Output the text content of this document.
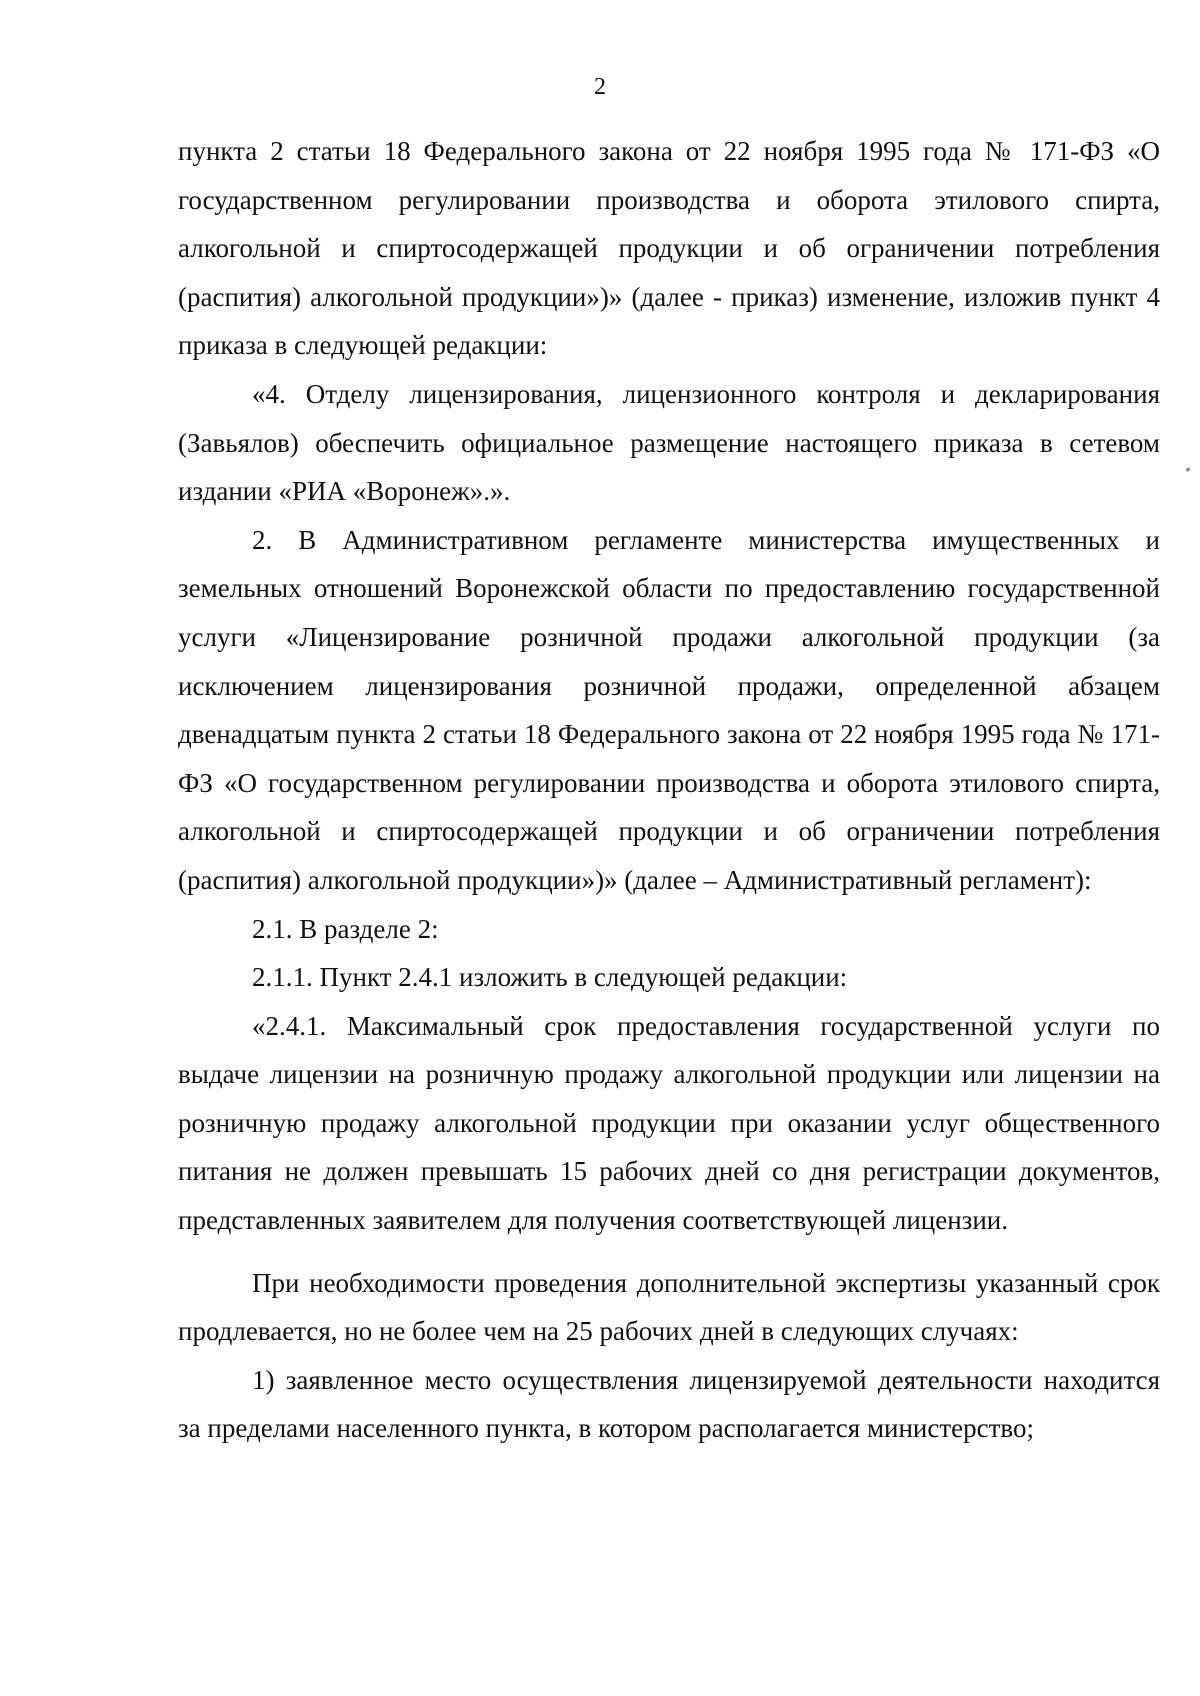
2

пункта 2 статьи 18 Федерального закона от 22 ноября 1995 года № 171-ФЗ «О государственном регулировании производства и оборота этилового спирта, алкогольной и спиртосодержащей продукции и об ограничении потребления (распития) алкогольной продукции»)» (далее - приказ) изменение, изложив пункт 4 приказа в следующей редакции:

«4. Отделу лицензирования, лицензионного контроля и декларирования (Завьялов) обеспечить официальное размещение настоящего приказа в сетевом издании «РИА «Воронеж».».

2. В Административном регламенте министерства имущественных и земельных отношений Воронежской области по предоставлению государственной услуги «Лицензирование розничной продажи алкогольной продукции (за исключением лицензирования розничной продажи, определенной абзацем двенадцатым пункта 2 статьи 18 Федерального закона от 22 ноября 1995 года № 171-ФЗ «О государственном регулировании производства и оборота этилового спирта, алкогольной и спиртосодержащей продукции и об ограничении потребления (распития) алкогольной продукции»)» (далее – Административный регламент):

2.1. В разделе 2:

2.1.1. Пункт 2.4.1 изложить в следующей редакции:

«2.4.1. Максимальный срок предоставления государственной услуги по выдаче лицензии на розничную продажу алкогольной продукции или лицензии на розничную продажу алкогольной продукции при оказании услуг общественного питания не должен превышать 15 рабочих дней со дня регистрации документов, представленных заявителем для получения соответствующей лицензии.

При необходимости проведения дополнительной экспертизы указанный срок продлевается, но не более чем на 25 рабочих дней в следующих случаях:

1) заявленное место осуществления лицензируемой деятельности находится за пределами населенного пункта, в котором располагается министерство;
